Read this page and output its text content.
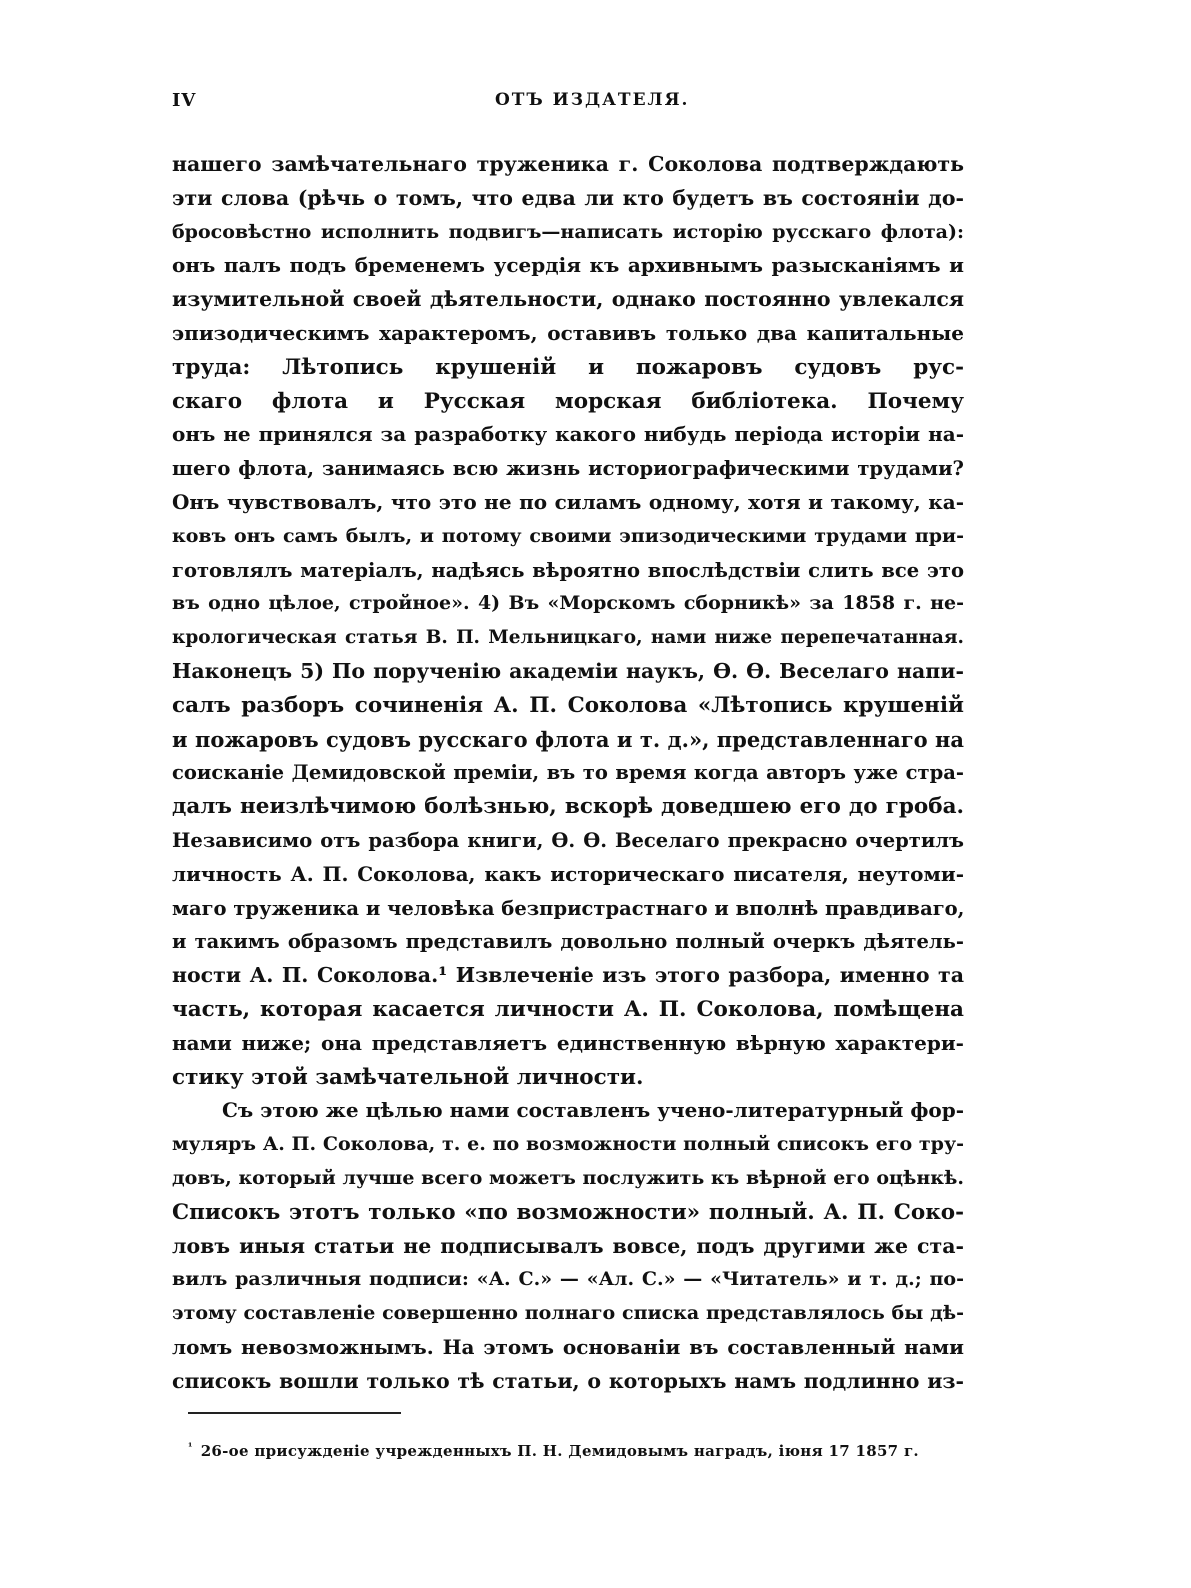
IV	ОТЪ ИЗДАТЕЛЯ.
нашего замѣчательнаго труженика г. Соколова подтверждають
эти слова (рѣчь о томъ, что едва ли кто будетъ въ состояніи до-
бросовѣстно исполнить подвигъ—написать исторію русскаго флота):
онъ палъ подъ бременемъ усердія къ архивнымъ разысканіямъ и
изумительной своей дѣятельности, однако постоянно увлекался
эпизодическимъ характеромъ, оставивъ только два капитальные
труда: Лѣтопись крушеній и пожаровъ судовъ рус-
скаго флота и Русская морская библіотека. Почему
онъ не принялся за разработку какого нибудь періода исторіи на-
шего флота, занимаясь всю жизнь историографическими трудами?
Онъ чувствовалъ, что это не по силамъ одному, хотя и такому, ка-
ковъ онъ самъ былъ, и потому своими эпизодическими трудами при-
готовлялъ матеріалъ, надѣясь вѣроятно впослѣдствіи слить все это
въ одно цѣлое, стройное». 4) Въ «Морскомъ сборникѣ» за 1858 г. не-
крологическая статья В. П. Мельницкаго, нами ниже перепечатанная.
Наконецъ 5) По порученію академіи наукъ, Ѳ. Ѳ. Веселаго напи-
салъ разборъ сочиненія А. П. Соколова «Лѣтопись крушеній
и пожаровъ судовъ русскаго флота и т. д.», представленнаго на
соисканіе Демидовской преміи, въ то время когда авторъ уже стра-
далъ неизлѣчимою болѣзнью, вскорѣ доведшею его до гроба.
Независимо отъ разбора книги, Ѳ. Ѳ. Веселаго прекрасно очертилъ
личность А. П. Соколова, какъ историческаго писателя, неутоми-
маго труженика и человѣка безпристрастнаго и вполнѣ правдиваго,
и такимъ образомъ представилъ довольно полный очеркъ дѣятель-
ности А. П. Соколова.¹ Извлеченіе изъ этого разбора, именно та
часть, которая касается личности А. П. Соколова, помѣщена
нами ниже; она представляетъ единственную вѣрную характери-
стику этой замѣчательной личности.
Съ этою же цѣлью нами составленъ учено-литературный фор-
муляръ А. П. Соколова, т. е. по возможности полный списокъ его тру-
довъ, который лучше всего можетъ послужить къ вѣрной его оцѣнкѣ.
Списокъ этотъ только «по возможности» полный. А. П. Соко-
ловъ иныя статьи не подписывалъ вовсе, подъ другими же ста-
вилъ различныя подписи: «А. С.» — «Ал. С.» — «Читатель» и т. д.; по-
этому составленіе совершенно полнаго списка представлялось бы дѣ-
ломъ невозможнымъ. На этомъ основаніи въ составленный нами
списокъ вошли только тѣ статьи, о которыхъ намъ подлинно из-
$^{^1}$ 26-ое присужденіе учрежденныхъ П. Н. Демидовымъ наградъ, іюня 17 1857 г.
